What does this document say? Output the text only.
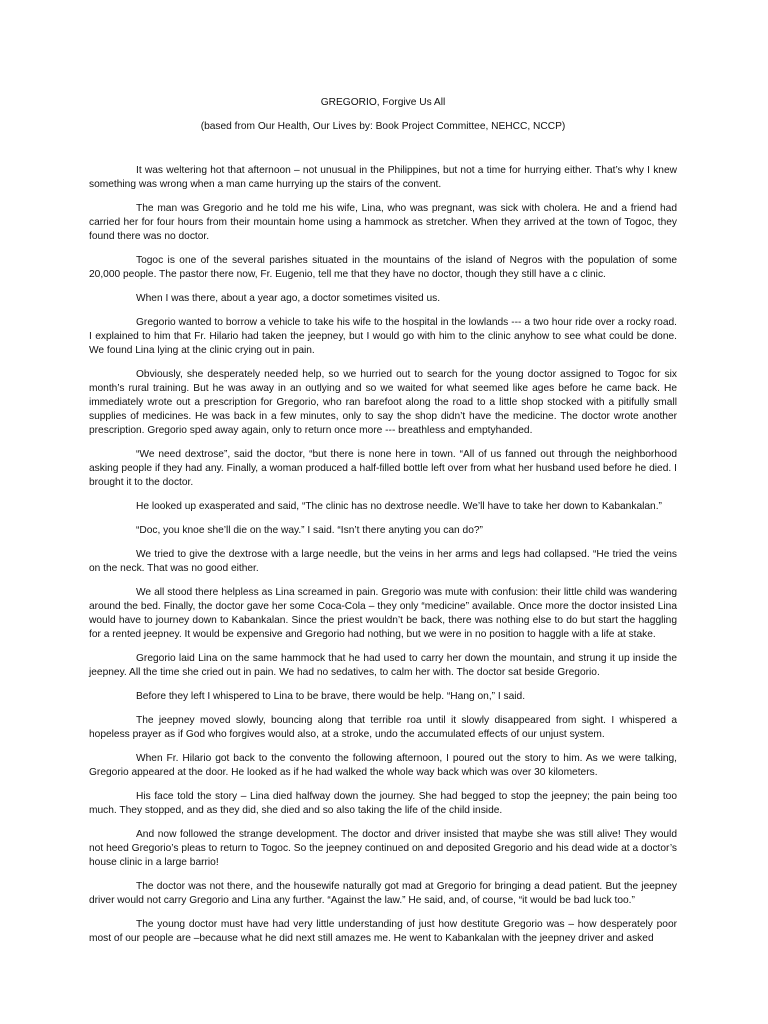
GREGORIO, Forgive Us All
(based from Our Health, Our Lives by: Book Project Committee, NEHCC, NCCP)

It was weltering hot that afternoon – not unusual in the Philippines, but not a time for hurrying either. That’s why I knew something was wrong when a man came hurrying up the stairs of the convent.

The man was Gregorio and he told me his wife, Lina, who was pregnant, was sick with cholera. He and a friend had carried her for four hours from their mountain home using a hammock as stretcher. When they arrived at the town of Togoc, they found there was no doctor.

Togoc is one of the several parishes situated in the mountains of the island of Negros with the population of some 20,000 people. The pastor there now, Fr. Eugenio, tell me that they have no doctor, though they still have a c clinic.

When I was there, about a year ago, a doctor sometimes visited us.

Gregorio wanted to borrow a vehicle to take his wife to the hospital in the lowlands --- a two hour ride over a rocky road. I explained to him that Fr. Hilario had taken the jeepney, but I would go with him to the clinic anyhow to see what could be done. We found Lina lying at the clinic crying out in pain.

Obviously, she desperately needed help, so we hurried out to search for the young doctor assigned to Togoc for six month’s rural training. But he was away in an outlying and so we waited for what seemed like ages before he came back. He immediately wrote out a prescription for Gregorio, who ran barefoot along the road to a little shop stocked with a pitifully small supplies of medicines. He was back in a few minutes, only to say the shop didn’t have the medicine. The doctor wrote another prescription. Gregorio sped away again, only to return once more --- breathless and emptyhanded.

“We need dextrose”, said the doctor, “but there is none here in town. “All of us fanned out through the neighborhood asking people if they had any. Finally, a woman produced a half-filled bottle left over from what her husband used before he died. I brought it to the doctor.

He looked up exasperated and said, “The clinic has no dextrose needle. We’ll have to take her down to Kabankalan.”

“Doc, you knoe she’ll die on the way.” I said. “Isn’t there anyting you can do?”

We tried to give the dextrose with a large needle, but the veins in her arms and legs had collapsed. “He tried the veins on the neck. That was no good either.

We all stood there helpless as Lina screamed in pain. Gregorio was mute with confusion: their little child was wandering around the bed. Finally, the doctor gave her some Coca-Cola – they only “medicine” available. Once more the doctor insisted Lina would have to journey down to Kabankalan. Since the priest wouldn’t be back, there was nothing else to do but start the haggling for a rented jeepney. It would be expensive and Gregorio had nothing, but we were in no position to haggle with a life at stake.

Gregorio laid Lina on the same hammock that he had used to carry her down the mountain, and strung it up inside the jeepney. All the time she cried out in pain. We had no sedatives, to calm her with. The doctor sat beside Gregorio.

Before they left I whispered to Lina to be brave, there would be help. “Hang on,” I said.

The jeepney moved slowly, bouncing along that terrible roa until it slowly disappeared from sight. I whispered a hopeless prayer as if God who forgives would also, at a stroke, undo the accumulated effects of our unjust system.

When Fr. Hilario got back to the convento the following afternoon, I poured out the story to him. As we were talking, Gregorio appeared at the door. He looked as if he had walked the whole way back which was over 30 kilometers.

His face told the story – Lina died halfway down the journey. She had begged to stop the jeepney; the pain being too much. They stopped, and as they did, she died and so also taking the life of the child inside.

And now followed the strange development. The doctor and driver insisted that maybe she was still alive! They would not heed Gregorio’s pleas to return to Togoc. So the jeepney continued on and deposited Gregorio and his dead wide at a doctor’s house clinic in a large barrio!

The doctor was not there, and the housewife naturally got mad at Gregorio for bringing a dead patient. But the jeepney driver would not carry Gregorio and Lina any further. “Against the law.” He said, and, of course, “it would be bad luck too.”

The young doctor must have had very little understanding of just how destitute Gregorio was – how desperately poor most of our people are –because what he did next still amazes me. He went to Kabankalan with the jeepney driver and asked
